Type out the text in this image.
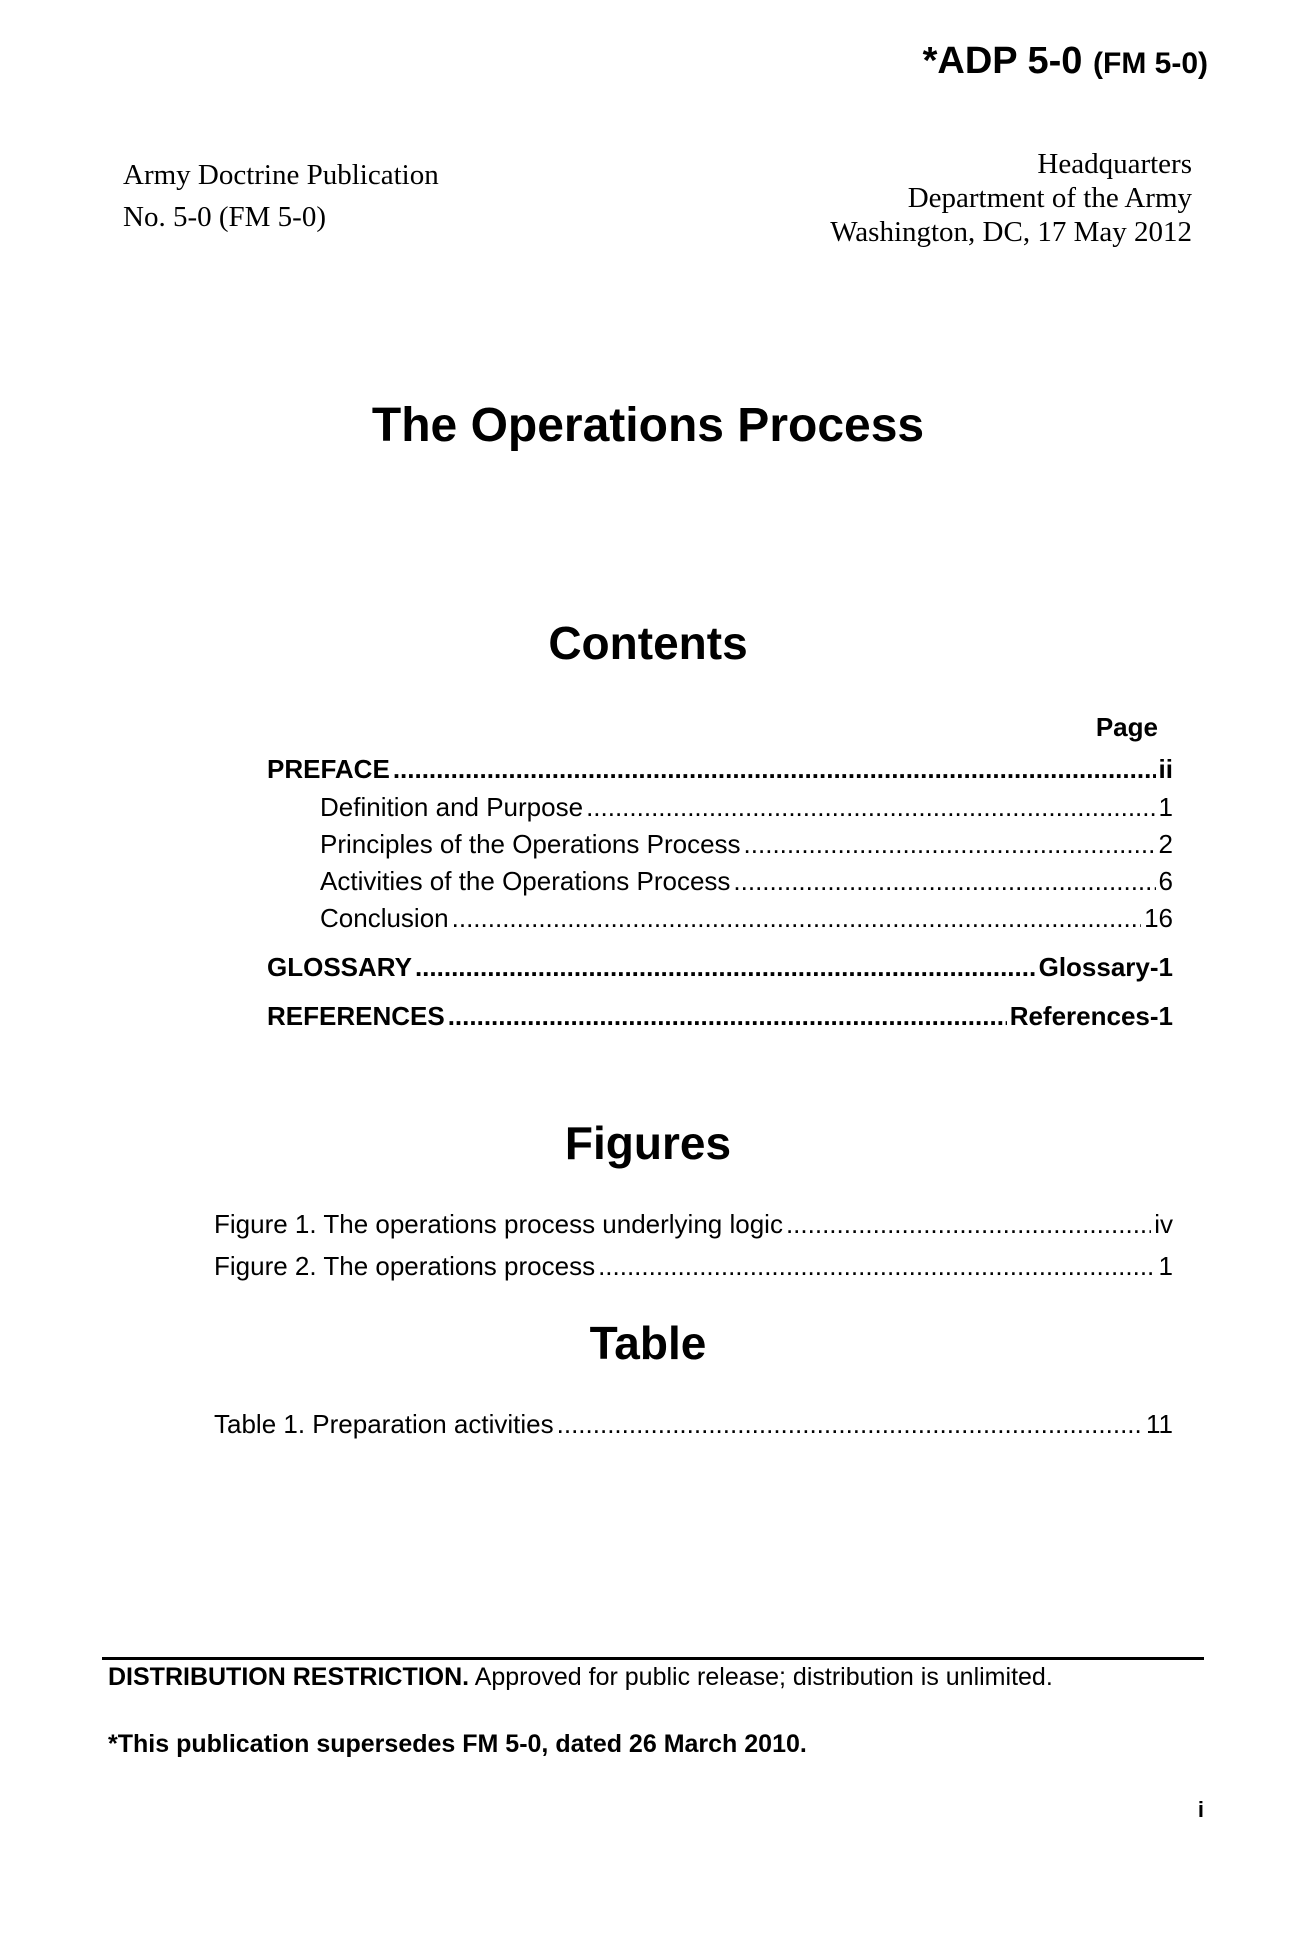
*ADP 5-0 (FM 5-0)
Army Doctrine Publication
No. 5-0 (FM 5-0)
Headquarters
Department of the Army
Washington, DC, 17 May 2012
The Operations Process
Contents
Page
PREFACE .....	ii
Definition and Purpose .....	1
Principles of the Operations Process .....	2
Activities of the Operations Process .....	6
Conclusion .....	16
GLOSSARY .....	Glossary-1
REFERENCES .....	References-1
Figures
Figure 1. The operations process underlying logic .....	iv
Figure 2. The operations process .....	1
Table
Table 1. Preparation activities .....	11
DISTRIBUTION RESTRICTION. Approved for public release; distribution is unlimited.
*This publication supersedes FM 5-0, dated 26 March 2010.
i
